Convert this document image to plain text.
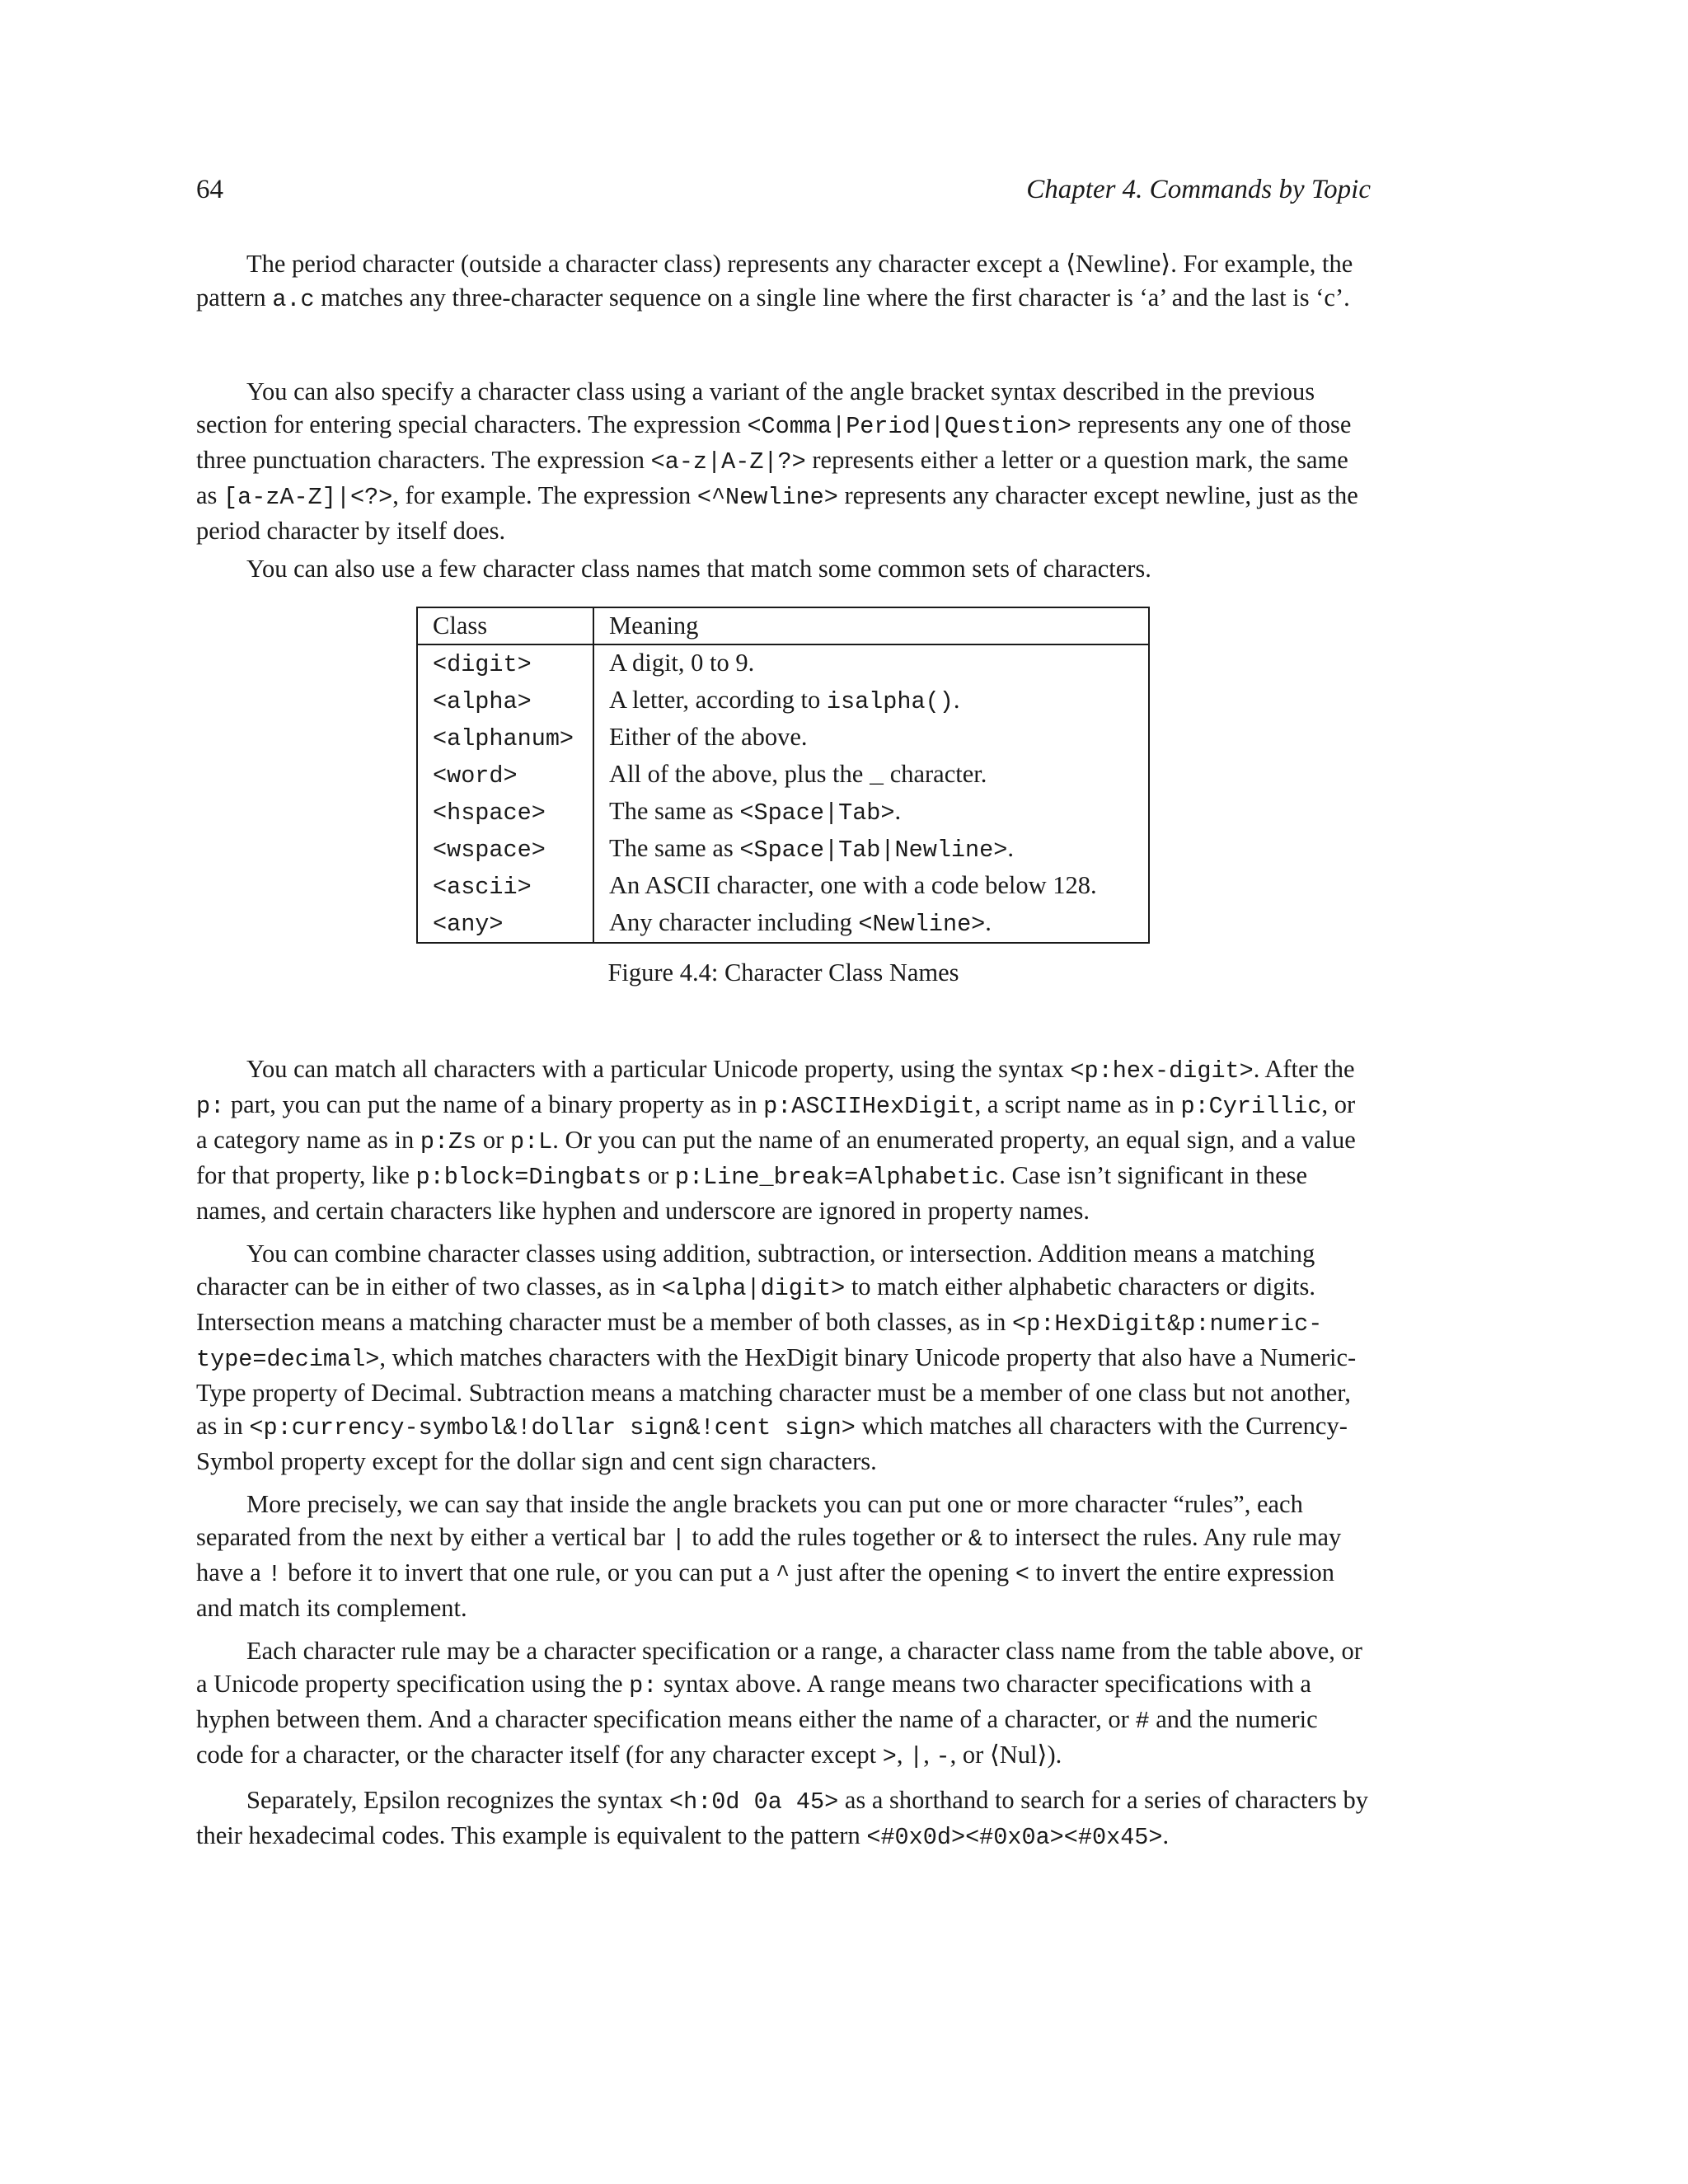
64	Chapter 4. Commands by Topic

The period character (outside a character class) represents any character except a ⟨Newline⟩. For example, the pattern a.c matches any three-character sequence on a single line where the first character is ‘a’ and the last is ‘c’.

You can also specify a character class using a variant of the angle bracket syntax described in the previous section for entering special characters. The expression <Comma|Period|Question> represents any one of those three punctuation characters. The expression <a-z|A-Z|?> represents either a letter or a question mark, the same as [a-zA-Z]|<?>, for example. The expression <^Newline> represents any character except newline, just as the period character by itself does.

You can also use a few character class names that match some common sets of characters.

Class	Meaning
<digit>	A digit, 0 to 9.
<alpha>	A letter, according to isalpha().
<alphanum>	Either of the above.
<word>	All of the above, plus the _ character.
<hspace>	The same as <Space|Tab>.
<wspace>	The same as <Space|Tab|Newline>.
<ascii>	An ASCII character, one with a code below 128.
<any>	Any character including <Newline>.
Figure 4.4: Character Class Names

You can match all characters with a particular Unicode property, using the syntax <p:hex-digit>. After the p: part, you can put the name of a binary property as in p:ASCIIHexDigit, a script name as in p:Cyrillic, or a category name as in p:Zs or p:L. Or you can put the name of an enumerated property, an equal sign, and a value for that property, like p:block=Dingbats or p:Line_break=Alphabetic. Case isn’t significant in these names, and certain characters like hyphen and underscore are ignored in property names.

You can combine character classes using addition, subtraction, or intersection. Addition means a matching character can be in either of two classes, as in <alpha|digit> to match either alphabetic characters or digits. Intersection means a matching character must be a member of both classes, as in <p:HexDigit&p:numeric-type=decimal>, which matches characters with the HexDigit binary Unicode property that also have a Numeric-Type property of Decimal. Subtraction means a matching character must be a member of one class but not another, as in <p:currency-symbol&!dollar sign&!cent sign> which matches all characters with the Currency-Symbol property except for the dollar sign and cent sign characters.

More precisely, we can say that inside the angle brackets you can put one or more character “rules”, each separated from the next by either a vertical bar | to add the rules together or & to intersect the rules. Any rule may have a ! before it to invert that one rule, or you can put a ^ just after the opening < to invert the entire expression and match its complement.

Each character rule may be a character specification or a range, a character class name from the table above, or a Unicode property specification using the p: syntax above. A range means two character specifications with a hyphen between them. And a character specification means either the name of a character, or # and the numeric code for a character, or the character itself (for any character except >, |, -, or ⟨Nul⟩).

Separately, Epsilon recognizes the syntax <h:0d 0a 45> as a shorthand to search for a series of characters by their hexadecimal codes. This example is equivalent to the pattern <#0x0d><#0x0a><#0x45>.
